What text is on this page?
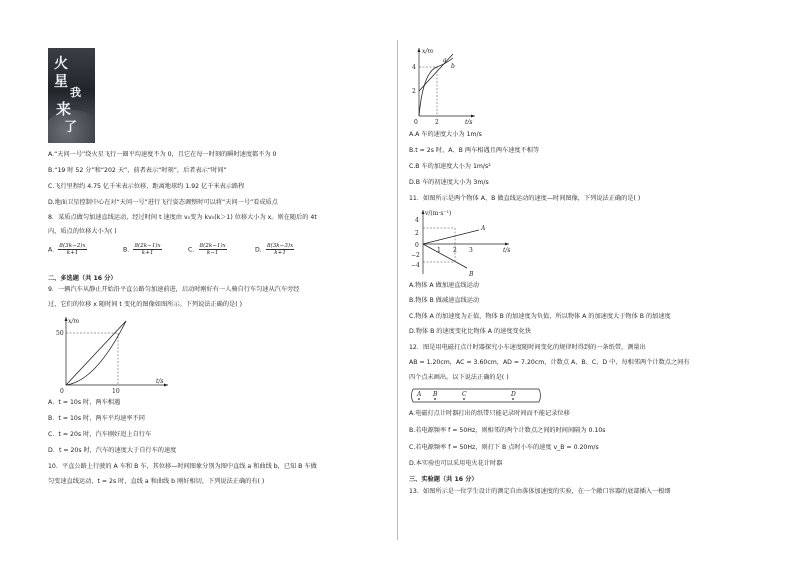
火
星
我
来
了
A.“天问一号”绕火星飞行一圈平均速度不为 0，且它在每一时刻的瞬时速度都不为 0
B.“19 时 52 分”和“202 天”，前者表示“时刻”，后者表示“时间”
C.飞行里程约 4.75 亿千米表示位移，距离地球约 1.92 亿千米表示路程
D.地面卫星控制中心在对“天问一号”进行飞行姿态调整时可以将“天问一号”看成质点
8．某质点做匀加速直线运动，经过时间 t 速度由 v₀变为 kv₀(k＞1) 位移大小为 x。则在随后的 4t
内，质点的位移大小为( )
A． $\frac{8(3k-2)x}{k+1}$	B． $\frac{8(2k-1)x}{k+1}$	C． $\frac{8(2k-1)x}{k-1}$	D． $\frac{8(3k-3)x}{k+1}$
二、多选题（共 16 分）
9．一辆汽车从静止开始沿平直公路匀加速前进，启动时刚好有一人骑自行车匀速从汽车旁经
过，它们的位移 x 随时间 t 变化的图像如图所示。下列说法正确的是( )
x/m
t/s
50
10
0
A．t = 10s 时，两车相遇
B．t = 10s 时，两车平均速率不同
C．t = 20s 时，汽车刚好追上自行车
D．t = 20s 时，汽车的速度大于自行车的速度
10．平直公路上行驶的 A 车和 B 车，其位移—时间图象分别为图中直线 a 和曲线 b，已知 B 车做
匀变速直线运动，t = 2s 时，直线 a 和曲线 b 刚好相切，下列说法正确的有( )
x/m
t/s
4
2
0	2
a
b
A.A 车的速度大小为 1m/s
B.t = 2s 时，A、B 两车相遇且两车速度不相等
C.B 车的加速度大小为 1m/s²
D.B 车的初速度大小为 3m/s
11．如图所示是两个物体 A、B 做直线运动的速度—时间图像，下列说法正确的是( )
v/(m·s⁻¹)
t/s
4
2
0
−2
−4
1 2 3
A
B
A.物体 A 做加速直线运动
B.物体 B 做减速直线运动
C.物体 A 的加速度为正值，物体 B 的加速度为负值，所以物体 A 的加速度大于物体 B 的加速度
D.物体 B 的速度变化比物体 A 的速度变化快
12．图是用电磁打点计时器探究小车速度随时间变化的规律时得到的一条纸带，测量出
AB = 1.20cm，AC = 3.60cm，AD = 7.20cm，计数点 A、B、C、D 中，每相邻两个计数点之间有
四个点未画出。以下说法正确的是( )
A B	C	D
A.电磁打点计时器打出的纸带只能记录时间而不能记录位移
B.若电源频率 f = 50Hz，则相邻的两个计数点之间的时间间隔为 0.10s
C.若电源频率 f = 50Hz，则打下 B 点时小车的速度 v_B = 0.20m/s
D.本实验也可以采用电火花计时器
三、实验题（共 16 分）
13．如图所示是一位学生设计的测定自由落体加速度的实验，在一个敞口容器的底部插入一根细
